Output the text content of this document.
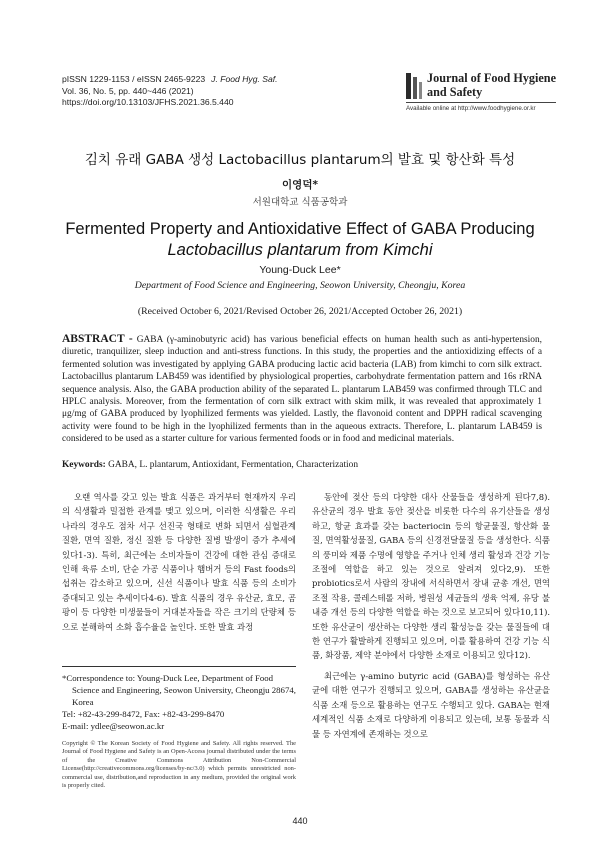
pISSN 1229-1153 / eISSN 2465-9223 J. Food Hyg. Saf.
Vol. 36, No. 5, pp. 440~446 (2021)
https://doi.org/10.13103/JFHS.2021.36.5.440
Journal of Food Hygiene
and Safety
Available online at http://www.foodhygiene.or.kr
김치 유래 GABA 생성 Lactobacillus plantarum의 발효 및 항산화 특성
이영덕*
서원대학교 식품공학과
Fermented Property and Antioxidative Effect of GABA Producing
Lactobacillus plantarum from Kimchi
Young-Duck Lee*
Department of Food Science and Engineering, Seowon University, Cheongju, Korea
(Received October 6, 2021/Revised October 26, 2021/Accepted October 26, 2021)
ABSTRACT - GABA (γ-aminobutyric acid) has various beneficial effects on human health such as anti-hypertension, diuretic, tranquilizer, sleep induction and anti-stress functions. In this study, the properties and the antioxidizing effects of a fermented solution was investigated by applying GABA producing lactic acid bacteria (LAB) from kimchi to corn silk extract. Lactobacillus plantarum LAB459 was identified by physiological properties, carbohydrate fermentation pattern and 16s rRNA sequence analysis. Also, the GABA production ability of the separated L. plantarum LAB459 was confirmed through TLC and HPLC analysis. Moreover, from the fermentation of corn silk extract with skim milk, it was revealed that approximately 1 μg/mg of GABA produced by lyophilized ferments was yielded. Lastly, the flavonoid content and DPPH radical scavenging activity were found to be high in the lyophilized ferments than in the aqueous extracts. Therefore, L. plantarum LAB459 is considered to be used as a starter culture for various fermented foods or in food and medicinal materials.
Keywords: GABA, L. plantarum, Antioxidant, Fermentation, Characterization

오랜 역사를 갖고 있는 발효 식품은 과거부터 현재까지 우리의 식생활과 밀접한 관계를 맺고 있으며, 이러한 식생활은 우리 나라의 경우도 점차 서구 선진국 형태로 변화 되면서 심혈관계 질환, 면역 질환, 정신 질환 등 다양한 질병 발생이 증가 추세에 있다1-3). 특히, 최근에는 소비자들이 건강에 대한 관심 증대로 인해 육류 소비, 단순 가공 식품이나 햄버거 등의 Fast foods의 섭취는 감소하고 있으며, 신선 식품이나 발효 식품 등의 소비가 증대되고 있는 추세이다4-6). 발효 식품의 경우 유산균, 효모, 곰팡이 등 다양한 미생물들이 거대분자들을 작은 크기의 단량체 등으로 분해하여 소화 흡수율을 높인다. 또한 발효 과정

동안에 젖산 등의 다양한 대사 산물들을 생성하게 된다7,8). 유산균의 경우 발효 동안 젖산을 비롯한 다수의 유기산들을 생성하고, 항균 효과를 갖는 bacteriocin 등의 항균물질, 항산화 물질, 면역활성물질, GABA 등의 신경전달물질 등을 생성한다. 식품의 풍미와 제품 수명에 영향을 주거나 인체 생리 활성과 건강 기능 조절에 역할을 하고 있는 것으로 알려져 있다2,9). 또한 probiotics로서 사람의 장내에 서식하면서 장내 균총 개선, 면역 조절 작용, 콜레스테롤 저하, 병원성 세균들의 생육 억제, 유당 불내증 개선 등의 다양한 역할을 하는 것으로 보고되어 있다10,11). 또한 유산균이 생산하는 다양한 생리 활성능을 갖는 물질들에 대한 연구가 활발하게 진행되고 있으며, 이를 활용하여 건강 기능 식품, 화장품, 제약 분야에서 다양한 소재로 이용되고 있다12).

최근에는 γ-amino butyric acid (GABA)를 형성하는 유산균에 대한 연구가 진행되고 있으며, GABA를 생성하는 유산균을 식품 소재 등으로 활용하는 연구도 수행되고 있다. GABA는 현재 세계적인 식품 소재로 다양하게 이용되고 있는데, 보통 동물과 식물 등 자연계에 존재하는 것으로

*Correspondence to: Young-Duck Lee, Department of Food Science and Engineering, Seowon University, Cheongju 28674, Korea
Tel: +82-43-299-8472, Fax: +82-43-299-8470
E-mail: ydlee@seowon.ac.kr
Copyright © The Korean Society of Food Hygiene and Safety. All rights reserved. The Journal of Food Hygiene and Safety is an Open-Access journal distributed under the terms of the Creative Commons Attribution Non-Commercial License(http://creativecommons.org/licenses/by-nc/3.0) which permits unrestricted non-commercial use, distribution,and reproduction in any medium, provided the original work is properly cited.
440
